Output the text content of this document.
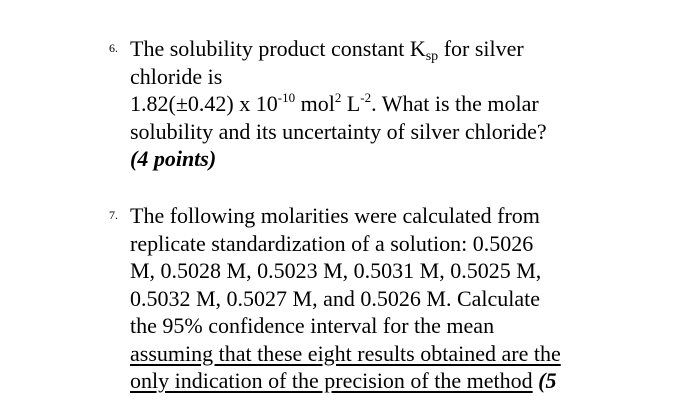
6. The solubility product constant $K_{sp}$ for silver
chloride is
1.82(±0.42) x $10^{-10}$ mol$^2$ $L^{-2}$. What is the molar
solubility and its uncertainty of silver chloride?
(4 points)
7. The following molarities were calculated from
replicate standardization of a solution: 0.5026
M, 0.5028 M, 0.5023 M, 0.5031 M, 0.5025 M,
0.5032 M, 0.5027 M, and 0.5026 M. Calculate
the 95% confidence interval for the mean
assuming that these eight results obtained are the
only indication of the precision of the method (5
